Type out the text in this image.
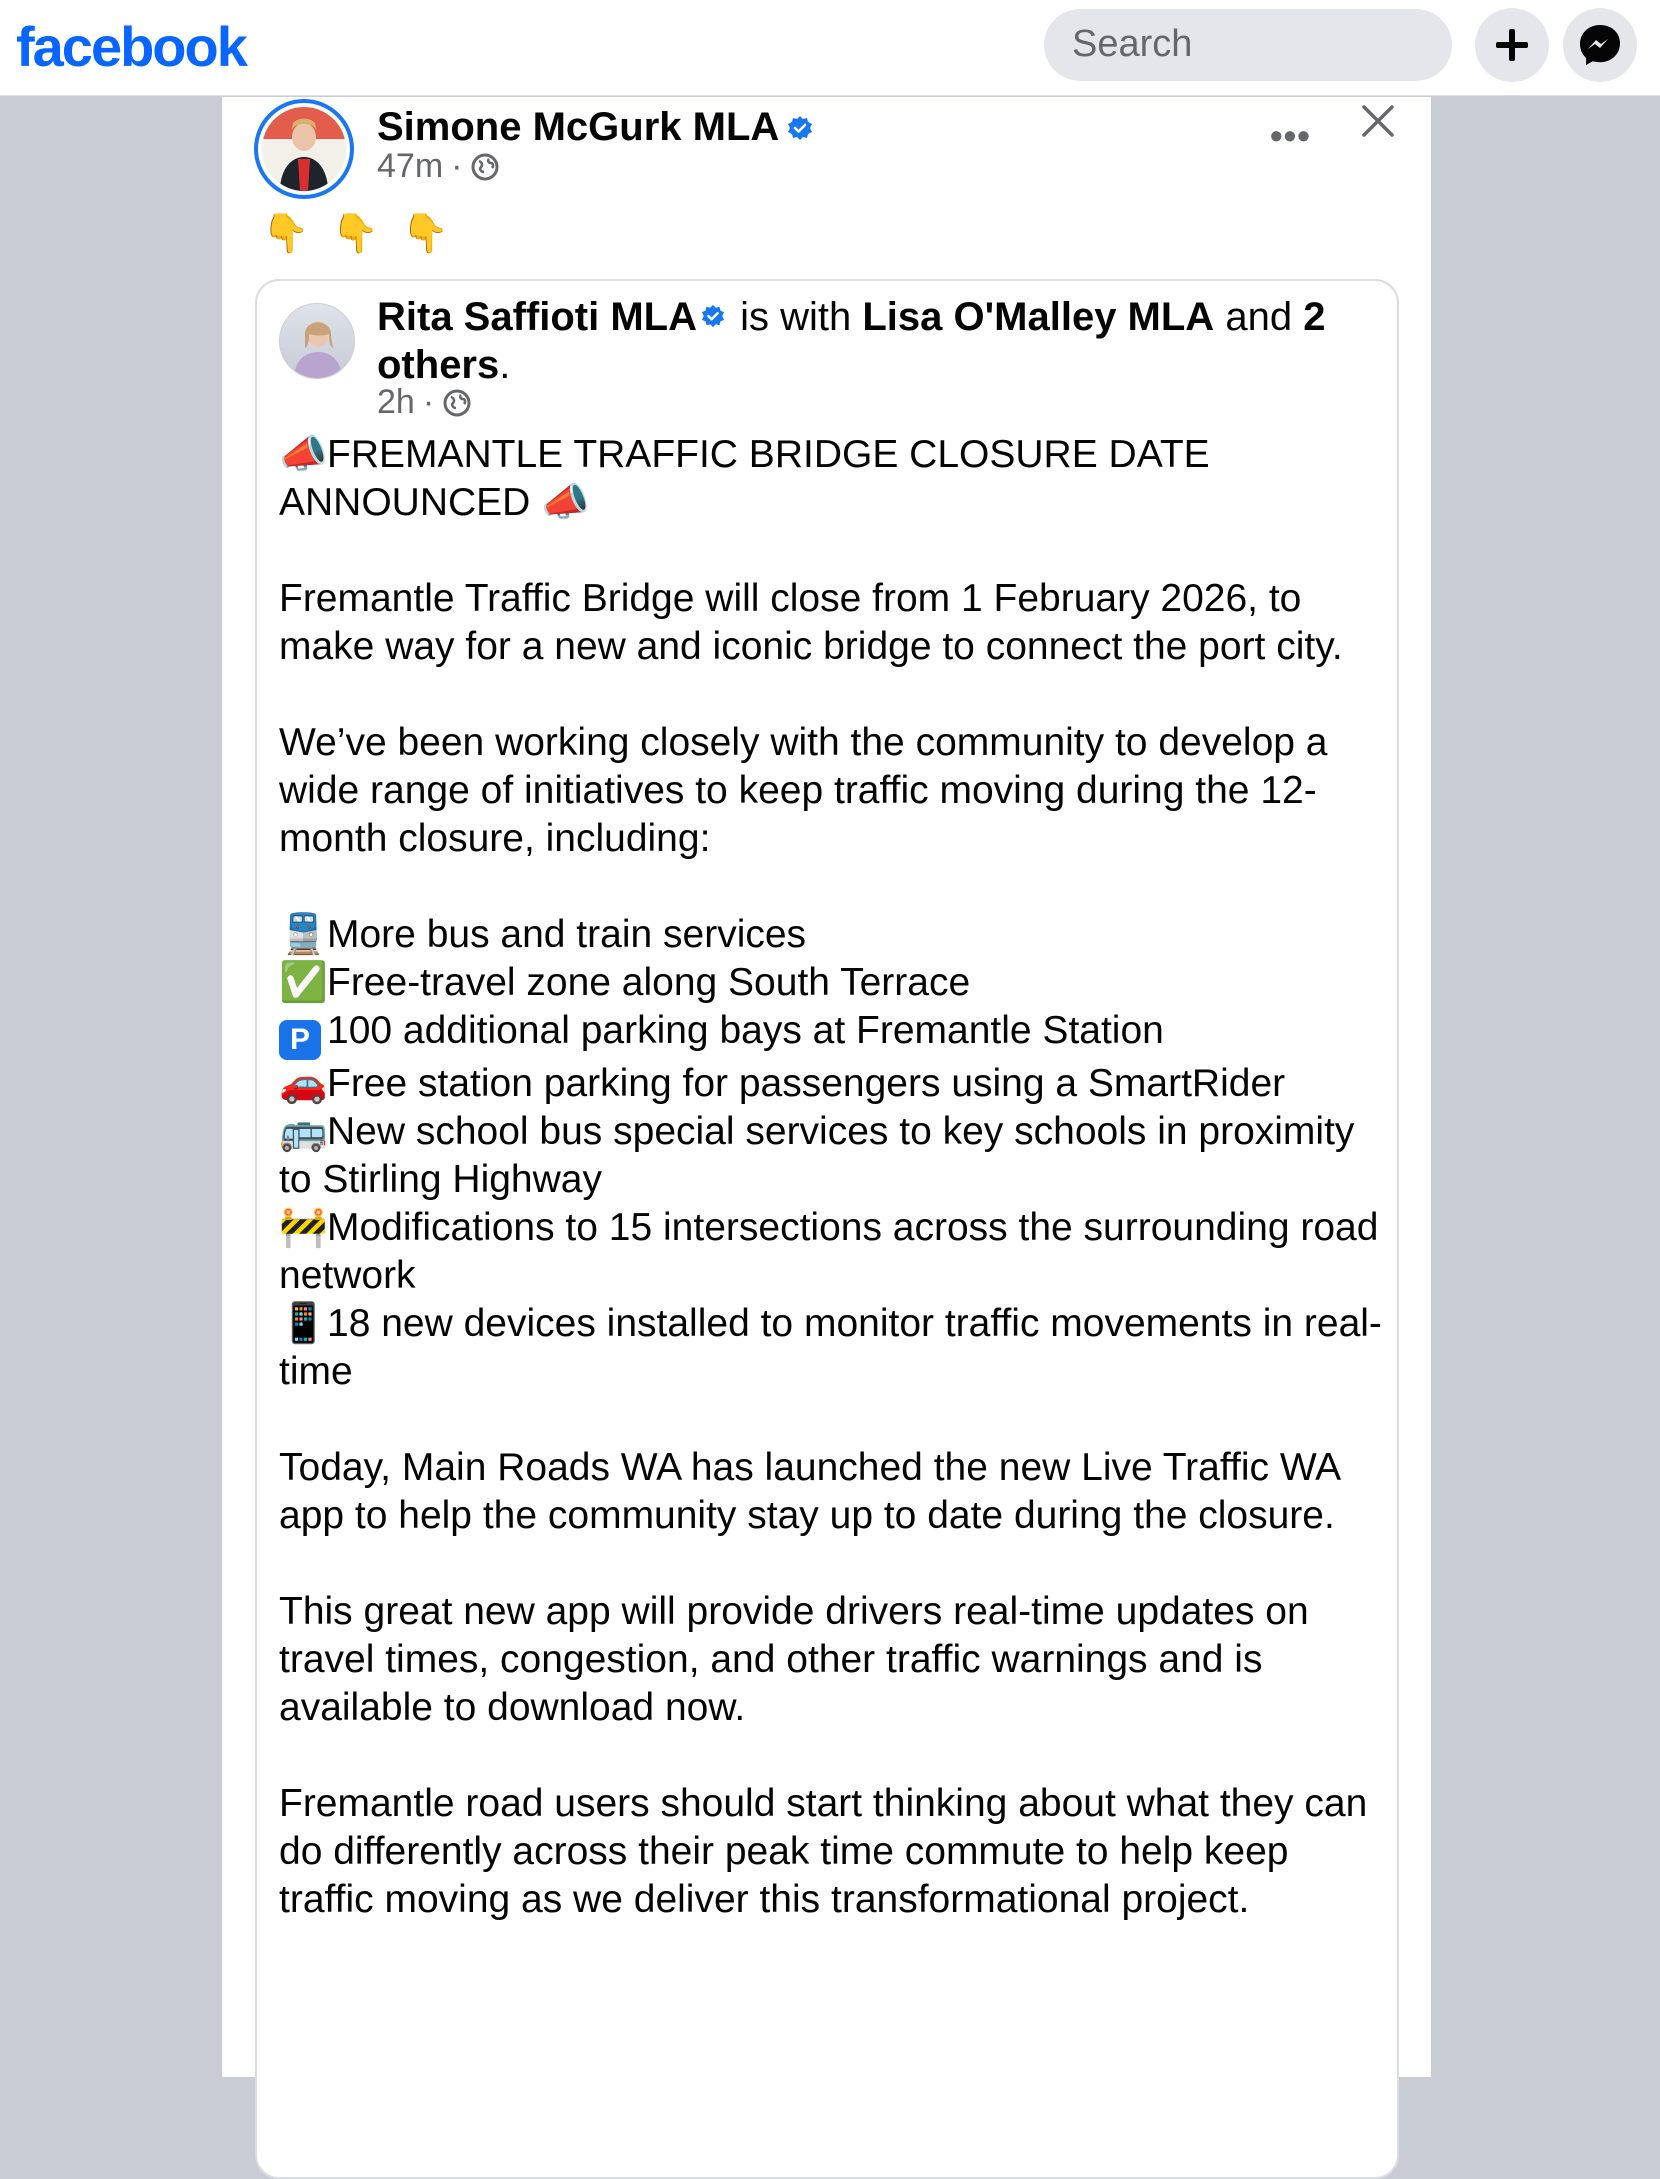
facebook	Search
Simone McGurk MLA
47m ·
•••
👇 👇 👇
Rita Saffioti MLA is with Lisa O'Malley MLA and 2 others.
2h ·

📣FREMANTLE TRAFFIC BRIDGE CLOSURE DATE ANNOUNCED 📣

Fremantle Traffic Bridge will close from 1 February 2026, to make way for a new and iconic bridge to connect the port city.

We’ve been working closely with the community to develop a wide range of initiatives to keep traffic moving during the 12-month closure, including:

🚆More bus and train services
✅Free-travel zone along South Terrace
P 100 additional parking bays at Fremantle Station
🚗Free station parking for passengers using a SmartRider
🚌New school bus special services to key schools in proximity to Stirling Highway
🚧Modifications to 15 intersections across the surrounding road network
📱18 new devices installed to monitor traffic movements in real-time

Today, Main Roads WA has launched the new Live Traffic WA app to help the community stay up to date during the closure.

This great new app will provide drivers real-time updates on travel times, congestion, and other traffic warnings and is available to download now.

Fremantle road users should start thinking about what they can do differently across their peak time commute to help keep traffic moving as we deliver this transformational project.
